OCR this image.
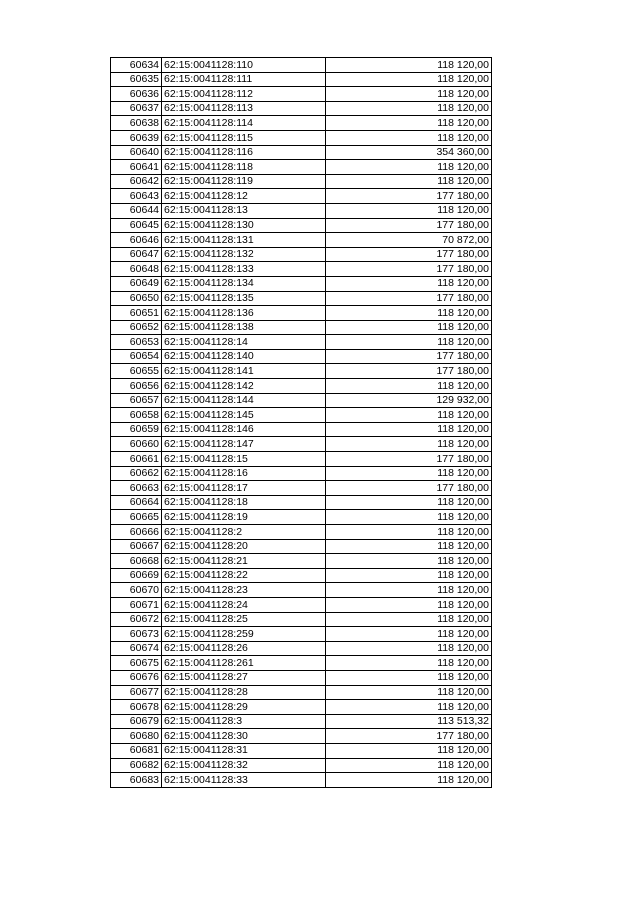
60634	62:15:0041128:110	118 120,00
60635	62:15:0041128:111	118 120,00
60636	62:15:0041128:112	118 120,00
60637	62:15:0041128:113	118 120,00
60638	62:15:0041128:114	118 120,00
60639	62:15:0041128:115	118 120,00
60640	62:15:0041128:116	354 360,00
60641	62:15:0041128:118	118 120,00
60642	62:15:0041128:119	118 120,00
60643	62:15:0041128:12	177 180,00
60644	62:15:0041128:13	118 120,00
60645	62:15:0041128:130	177 180,00
60646	62:15:0041128:131	70 872,00
60647	62:15:0041128:132	177 180,00
60648	62:15:0041128:133	177 180,00
60649	62:15:0041128:134	118 120,00
60650	62:15:0041128:135	177 180,00
60651	62:15:0041128:136	118 120,00
60652	62:15:0041128:138	118 120,00
60653	62:15:0041128:14	118 120,00
60654	62:15:0041128:140	177 180,00
60655	62:15:0041128:141	177 180,00
60656	62:15:0041128:142	118 120,00
60657	62:15:0041128:144	129 932,00
60658	62:15:0041128:145	118 120,00
60659	62:15:0041128:146	118 120,00
60660	62:15:0041128:147	118 120,00
60661	62:15:0041128:15	177 180,00
60662	62:15:0041128:16	118 120,00
60663	62:15:0041128:17	177 180,00
60664	62:15:0041128:18	118 120,00
60665	62:15:0041128:19	118 120,00
60666	62:15:0041128:2	118 120,00
60667	62:15:0041128:20	118 120,00
60668	62:15:0041128:21	118 120,00
60669	62:15:0041128:22	118 120,00
60670	62:15:0041128:23	118 120,00
60671	62:15:0041128:24	118 120,00
60672	62:15:0041128:25	118 120,00
60673	62:15:0041128:259	118 120,00
60674	62:15:0041128:26	118 120,00
60675	62:15:0041128:261	118 120,00
60676	62:15:0041128:27	118 120,00
60677	62:15:0041128:28	118 120,00
60678	62:15:0041128:29	118 120,00
60679	62:15:0041128:3	113 513,32
60680	62:15:0041128:30	177 180,00
60681	62:15:0041128:31	118 120,00
60682	62:15:0041128:32	118 120,00
60683	62:15:0041128:33	118 120,00
